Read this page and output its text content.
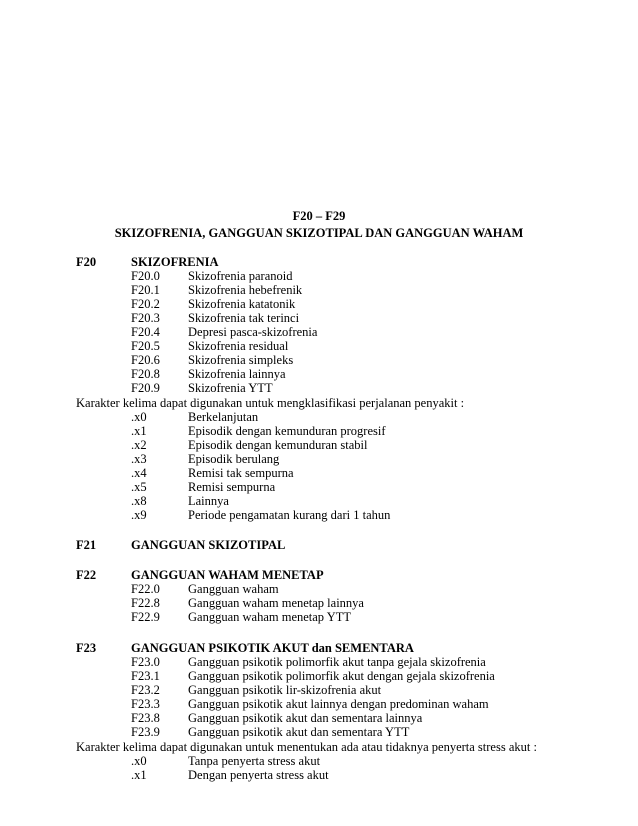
F20 – F29
SKIZOFRENIA, GANGGUAN SKIZOTIPAL DAN GANGGUAN WAHAM
F20	SKIZOFRENIA
F20.0 Skizofrenia paranoid
F20.1 Skizofrenia hebefrenik
F20.2 Skizofrenia katatonik
F20.3 Skizofrenia tak terinci
F20.4 Depresi pasca-skizofrenia
F20.5 Skizofrenia residual
F20.6 Skizofrenia simpleks
F20.8 Skizofrenia lainnya
F20.9 Skizofrenia YTT
Karakter kelima dapat digunakan untuk mengklasifikasi perjalanan penyakit :
.x0	Berkelanjutan
.x1	Episodik dengan kemunduran progresif
.x2	Episodik dengan kemunduran stabil
.x3	Episodik berulang
.x4	Remisi tak sempurna
.x5	Remisi sempurna
.x8	Lainnya
.x9	Periode pengamatan kurang dari 1 tahun
F21	GANGGUAN SKIZOTIPAL
F22	GANGGUAN WAHAM MENETAP
F22.0 Gangguan waham
F22.8 Gangguan waham menetap lainnya
F22.9 Gangguan waham menetap YTT
F23	GANGGUAN PSIKOTIK AKUT dan SEMENTARA
F23.0 Gangguan psikotik polimorfik akut tanpa gejala skizofrenia
F23.1 Gangguan psikotik polimorfik akut dengan gejala skizofrenia
F23.2 Gangguan psikotik lir-skizofrenia akut
F23.3 Gangguan psikotik akut lainnya dengan predominan waham
F23.8 Gangguan psikotik akut dan sementara lainnya
F23.9 Gangguan psikotik akut dan sementara YTT
Karakter kelima dapat digunakan untuk menentukan ada atau tidaknya penyerta stress akut :
.x0	Tanpa penyerta stress akut
.x1	Dengan penyerta stress akut
